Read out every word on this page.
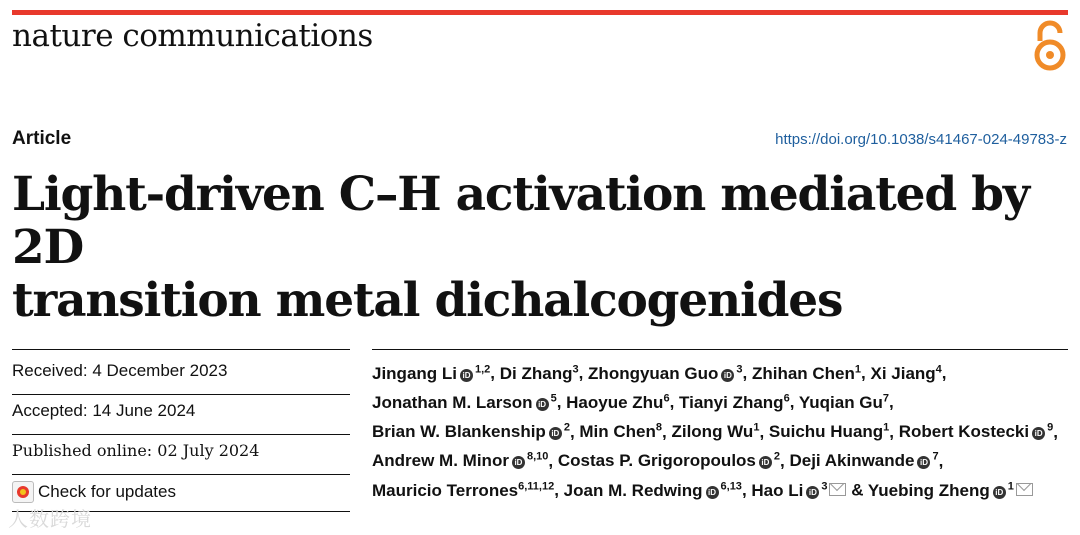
nature communications
Article	https://doi.org/10.1038/s41467-024-49783-z
Light-driven C–H activation mediated by 2D
transition metal dichalcogenides
Received: 4 December 2023
Accepted: 14 June 2024
Published online: 02 July 2024
Check for updates
人数跨境
Jingang Li iD$^{1,2}$, Di Zhang$^3$, Zhongyuan Guo $iD^3$, Zhihan Chen$^1$, Xi Jiang$^4$, Jonathan M. Larson $iD^5$, Haoyue Zhu$^6$, Tianyi Zhang$^6$, Yuqian Gu$^7$, Brian W. Blankenship $iD^2$, Min Chen$^8$, Zilong Wu$^1$, Suichu Huang$^1$, Robert Kostecki $iD^9$, Andrew M. Minor iD$^{8,10}$, Costas P. Grigoropoulos $iD^2$, Deji Akinwande $iD^7$, Mauricio Terrones$^{6,11,12}$, Joan M. Redwing iD$^{6,13}$, Hao Li $iD^3$ & Yuebing Zheng $iD^1$
